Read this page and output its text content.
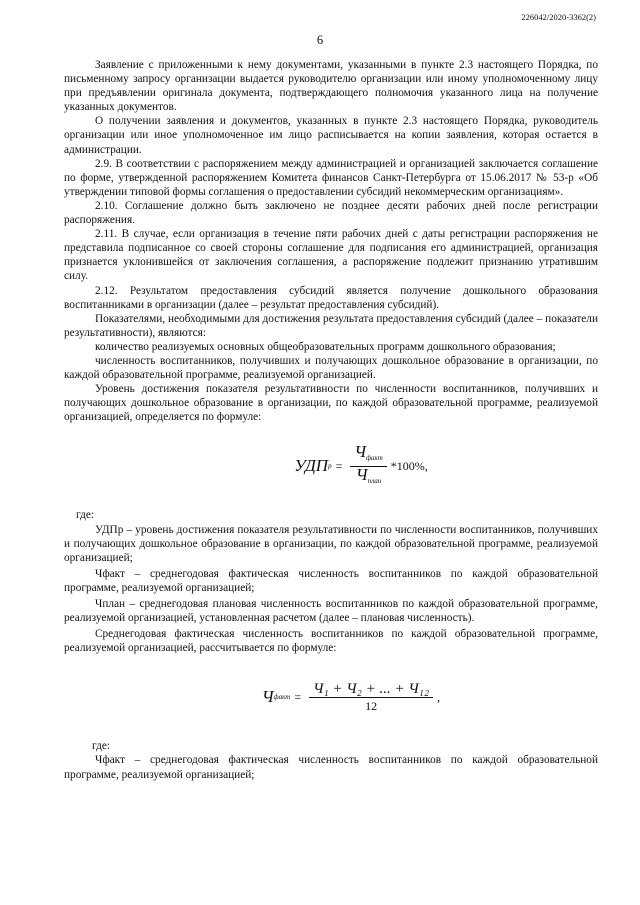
226042/2020-3362(2)
6

Заявление с приложенными к нему документами, указанными в пункте 2.3 настоящего Порядка, по письменному запросу организации выдается руководителю организации или иному уполномоченному лицу при предъявлении оригинала документа, подтверждающего полномочия указанного лица на получение указанных документов.

О получении заявления и документов, указанных в пункте 2.3 настоящего Порядка, руководитель организации или иное уполномоченное им лицо расписывается на копии заявления, которая остается в администрации.

2.9. В соответствии с распоряжением между администрацией и организацией заключается соглашение по форме, утвержденной распоряжением Комитета финансов Санкт-Петербурга от 15.06.2017 № 53-р «Об утверждении типовой формы соглашения о предоставлении субсидий некоммерческим организациям».

2.10. Соглашение должно быть заключено не позднее десяти рабочих дней после регистрации распоряжения.

2.11. В случае, если организация в течение пяти рабочих дней с даты регистрации распоряжения не представила подписанное со своей стороны соглашение для подписания его администрацией, организация признается уклонившейся от заключения соглашения, а распоряжение подлежит признанию утратившим силу.

2.12. Результатом предоставления субсидий является получение дошкольного образования воспитанниками в организации (далее – результат предоставления субсидий).

Показателями, необходимыми для достижения результата предоставления субсидий (далее – показатели результативности), являются:

количество реализуемых основных общеобразовательных программ дошкольного образования;

численность воспитанников, получивших и получающих дошкольное образование в организации, по каждой образовательной программе, реализуемой организацией.

Уровень достижения показателя результативности по численности воспитанников, получивших и получающих дошкольное образование в организации, по каждой образовательной программе, реализуемой организацией, определяется по формуле:

УДП $р = \frac{Ч_{факт}}{Ч_{план}} *100\%$,

где:

УДПр – уровень достижения показателя результативности по численности воспитанников, получивших и получающих дошкольное образование в организации, по каждой образовательной программе, реализуемой организацией;

Чфакт – среднегодовая фактическая численность воспитанников по каждой образовательной программе, реализуемой организацией;

Чплан – среднегодовая плановая численность воспитанников по каждой образовательной программе, реализуемой организацией, установленная расчетом (далее – плановая численность).

Среднегодовая фактическая численность воспитанников по каждой образовательной программе, реализуемой организацией, рассчитывается по формуле:

Ч факт = $\frac{\text{Ч₁ + Ч₂ + ... + Ч₁₂}}{12}$ ,

где:

Чфакт – среднегодовая фактическая численность воспитанников по каждой образовательной программе, реализуемой организацией;
